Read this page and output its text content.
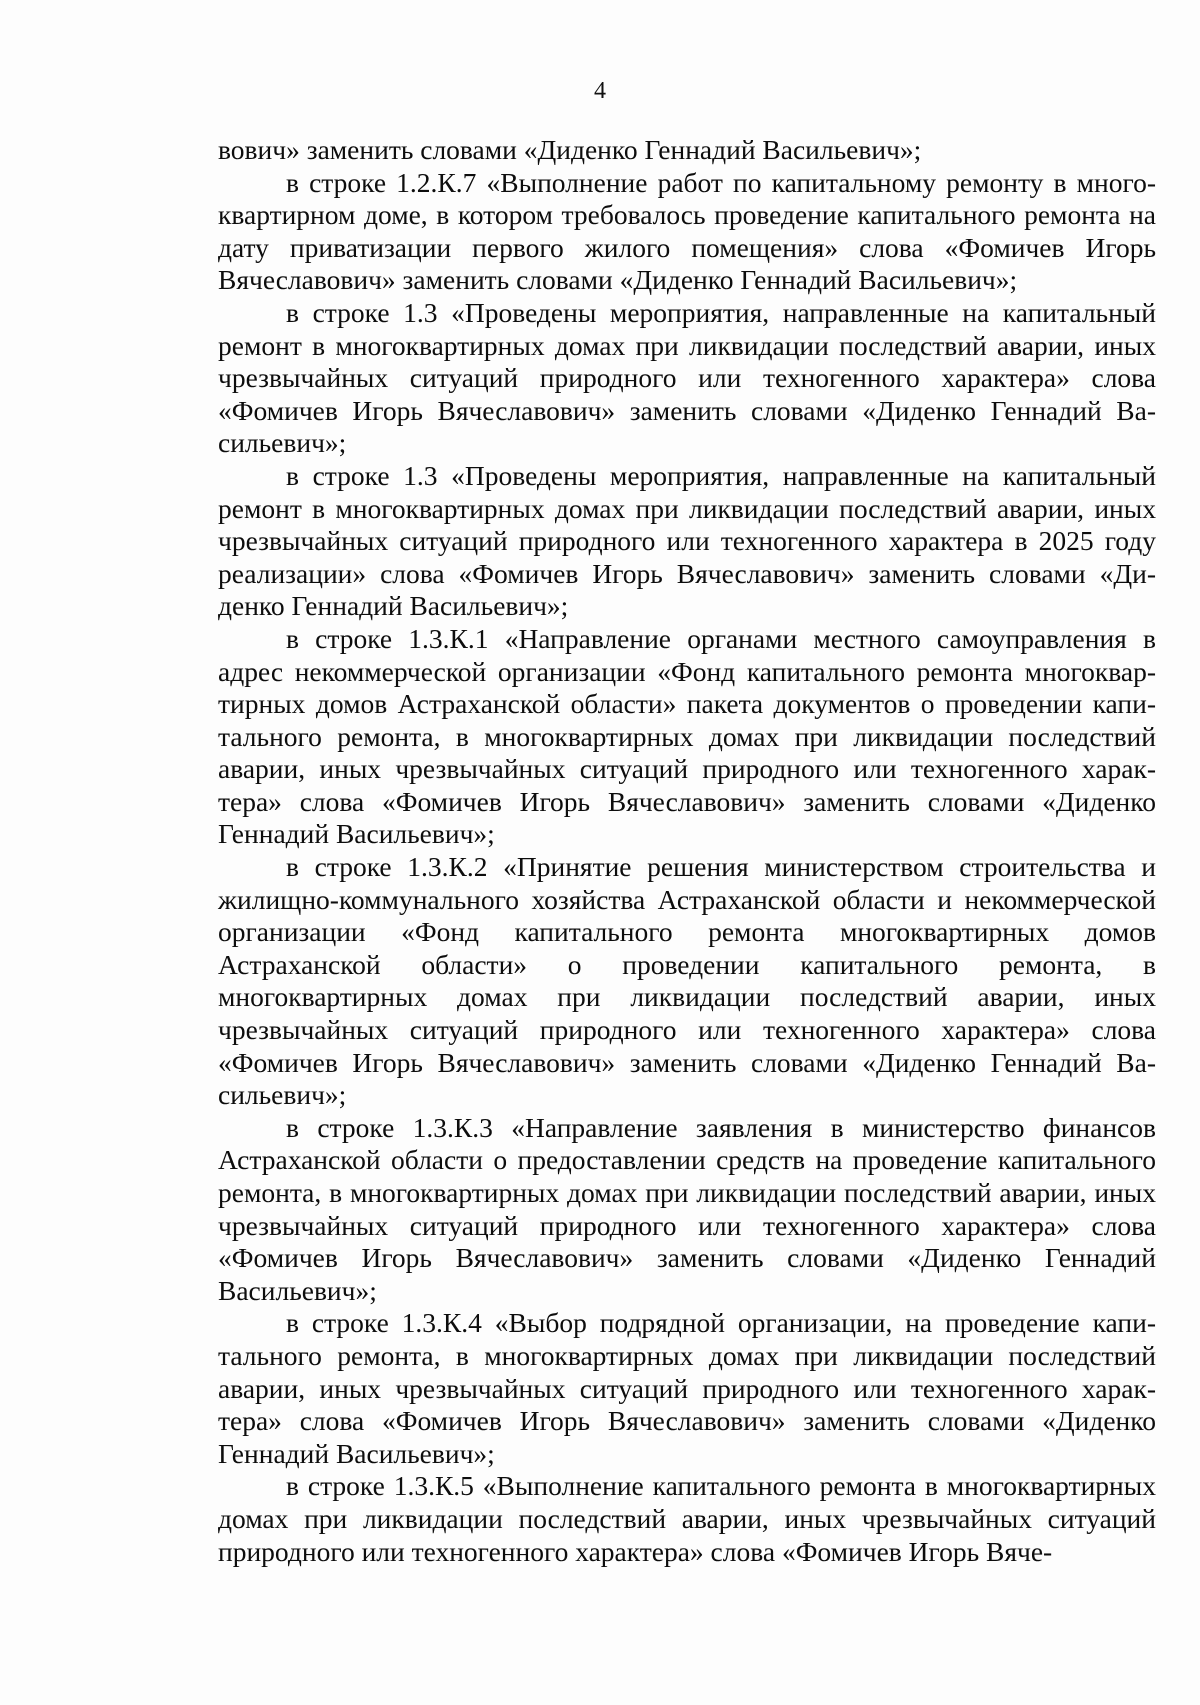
4

вович» заменить словами «Диденко Геннадий Васильевич»;

в строке 1.2.К.7 «Выполнение работ по капитальному ремонту в многоквартирном доме, в котором требовалось проведение капитального ремонта на дату приватизации первого жилого помещения» слова «Фомичев Игорь Вячеславович» заменить словами «Диденко Геннадий Васильевич»;

в строке 1.3 «Проведены мероприятия, направленные на капитальный ремонт в многоквартирных домах при ликвидации последствий аварии, иных чрезвычайных ситуаций природного или техногенного характера» слова «Фомичев Игорь Вячеславович» заменить словами «Диденко Геннадий Васильевич»;

в строке 1.3 «Проведены мероприятия, направленные на капитальный ремонт в многоквартирных домах при ликвидации последствий аварии, иных чрезвычайных ситуаций природного или техногенного характера в 2025 году реализации» слова «Фомичев Игорь Вячеславович» заменить словами «Диденко Геннадий Васильевич»;

в строке 1.3.К.1 «Направление органами местного самоуправления в адрес некоммерческой организации «Фонд капитального ремонта многоквартирных домов Астраханской области» пакета документов о проведении капитального ремонта, в многоквартирных домах при ликвидации последствий аварии, иных чрезвычайных ситуаций природного или техногенного характера» слова «Фомичев Игорь Вячеславович» заменить словами «Диденко Геннадий Васильевич»;

в строке 1.3.К.2 «Принятие решения министерством строительства и жилищно-коммунального хозяйства Астраханской области и некоммерческой организации «Фонд капитального ремонта многоквартирных домов Астраханской области» о проведении капитального ремонта, в многоквартирных домах при ликвидации последствий аварии, иных чрезвычайных ситуаций природного или техногенного характера» слова «Фомичев Игорь Вячеславович» заменить словами «Диденко Геннадий Васильевич»;

в строке 1.3.К.3 «Направление заявления в министерство финансов Астраханской области о предоставлении средств на проведение капитального ремонта, в многоквартирных домах при ликвидации последствий аварии, иных чрезвычайных ситуаций природного или техногенного характера» слова «Фомичев Игорь Вячеславович» заменить словами «Диденко Геннадий Васильевич»;

в строке 1.3.К.4 «Выбор подрядной организации, на проведение капитального ремонта, в многоквартирных домах при ликвидации последствий аварии, иных чрезвычайных ситуаций природного или техногенного характера» слова «Фомичев Игорь Вячеславович» заменить словами «Диденко Геннадий Васильевич»;

в строке 1.3.К.5 «Выполнение капитального ремонта в многоквартирных домах при ликвидации последствий аварии, иных чрезвычайных ситуаций природного или техногенного характера» слова «Фомичев Игорь Вяче-
